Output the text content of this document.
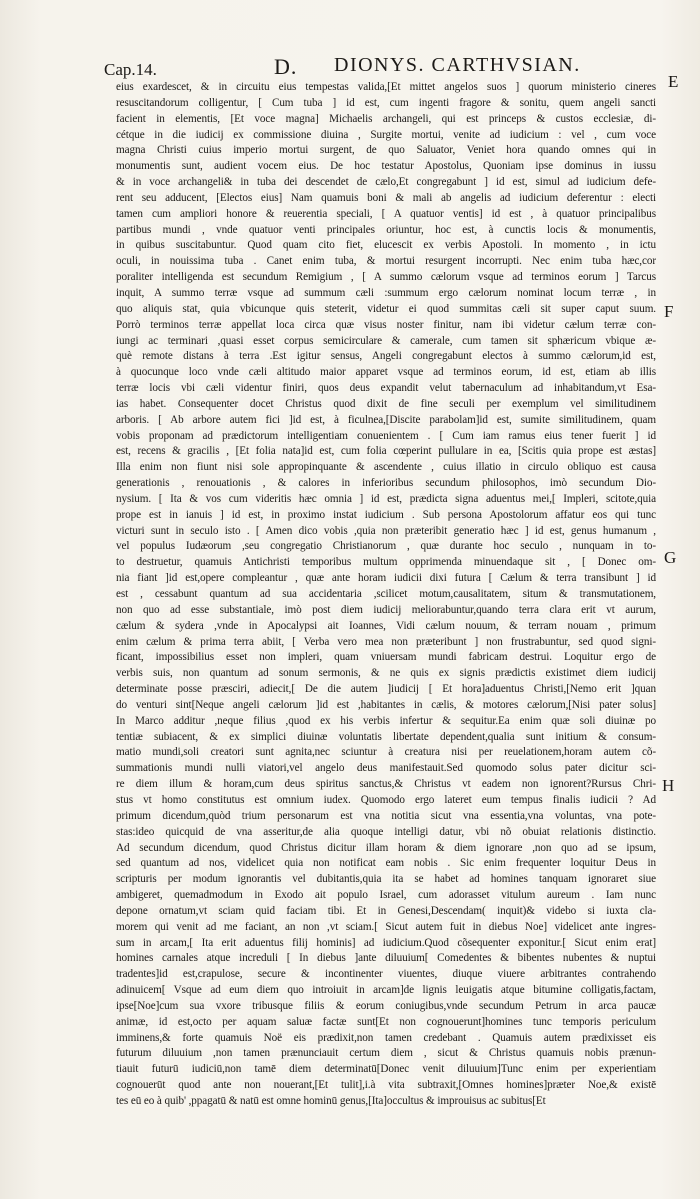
Cap.14.	D. DIONYS. CARTHVSIAN.
E
F
G
H
eius exardescet, & in circuitu eius tempestas valida,[Et mittet angelos suos ] quorum ministerio cineres
resuscitandorum colligentur, [ Cum tuba ] id est, cum ingenti fragore & sonitu, quem angeli sancti
facient in elementis, [Et voce magna] Michaelis archangeli, qui est princeps & custos ecclesiæ, di-
cétque in die iudicij ex commissione diuina , Surgite mortui, venite ad iudicium : vel , cum voce
magna Christi cuius imperio mortui surgent, de quo Saluator, Veniet hora quando omnes qui in
monumentis sunt, audient vocem eius. De hoc testatur Apostolus, Quoniam ipse dominus in iussu
& in voce archangeli& in tuba dei descendet de cælo,Et congregabunt ] id est, simul ad iudicium defe-
rent seu adducent, [Electos eius] Nam quamuis boni & mali ab angelis ad iudicium deferentur : electi
tamen cum ampliori honore & reuerentia speciali, [ A quatuor ventis] id est , à quatuor principalibus
partibus mundi , vnde quatuor venti principales oriuntur, hoc est, à cunctis locis & monumentis,
in quibus suscitabuntur. Quod quam cito fiet, elucescit ex verbis Apostoli. In momento , in ictu
oculi, in nouissima tuba . Canet enim tuba, & mortui resurgent incorrupti. Nec enim tuba hæc,cor
poraliter intelligenda est secundum Remigium , [ A summo cælorum vsque ad terminos eorum ] Tarcus
inquit, A summo terræ vsque ad summum cæli :summum ergo cælorum nominat locum terræ , in
quo aliquis stat, quia vbicunque quis steterit, videtur ei quod summitas cæli sit super caput suum.
Porrò terminos terræ appellat loca circa quæ visus noster finitur, nam ibi videtur cælum terræ con-
iungi ac terminari ,quasi esset corpus semicirculare & camerale, cum tamen sit sphæricum vbique æ-
què remote distans à terra .Est igitur sensus, Angeli congregabunt electos à summo cælorum,id est,
à quocunque loco vnde cæli altitudo maior apparet vsque ad terminos eorum, id est, etiam ab illis
terræ locis vbi cæli videntur finiri, quos deus expandit velut tabernaculum ad inhabitandum,vt Esa-
ias habet. Consequenter docet Christus quod dixit de fine seculi per exemplum vel similitudinem
arboris. [ Ab arbore autem fici ]id est, à ficulnea,[Discite parabolam]id est, sumite similitudinem, quam
vobis proponam ad prædictorum intelligentiam conuenientem . [ Cum iam ramus eius tener fuerit ] id
est, recens & gracilis , [Et folia nata]id est, cum folia cœperint pullulare in ea, [Scitis quia prope est æstas]
Illa enim non fiunt nisi sole appropinquante & ascendente , cuius illatio in circulo obliquo est causa
generationis , renouationis , & calores in inferioribus secundum philosophos, imò secundum Dio-
nysium. [ Ita & vos cum videritis hæc omnia ] id est, prædicta signa aduentus mei,[ Impleri, scitote,quia
prope est in ianuis ] id est, in proximo instat iudicium . Sub persona Apostolorum affatur eos qui tunc
victuri sunt in seculo isto . [ Amen dico vobis ,quia non præteribit generatio hæc ] id est, genus humanum ,
vel populus Iudæorum ,seu congregatio Christianorum , quæ durante hoc seculo , nunquam in to-
to destruetur, quamuis Antichristi temporibus multum opprimenda minuendaque sit , [ Donec om-
nia fiant ]id est,opere compleantur , quæ ante horam iudicii dixi futura [ Cælum & terra transibunt ] id
est , cessabunt quantum ad sua accidentaria ,scilicet motum,causalitatem, situm & transmutationem,
non quo ad esse substantiale, imò post diem iudicij meliorabuntur,quando terra clara erit vt aurum,
cælum & sydera ,vnde in Apocalypsi ait Ioannes, Vidi cælum nouum, & terram nouam , primum
enim cælum & prima terra abiit, [ Verba vero mea non præteribunt ] non frustrabuntur, sed quod signi-
ficant, impossibilius esset non impleri, quam vniuersam mundi fabricam destrui. Loquitur ergo de
verbis suis, non quantum ad sonum sermonis, & ne quis ex signis prædictis existimet diem iudicij
determinate posse præsciri, adiecit,[ De die autem ]iudicij [ Et hora]aduentus Christi,[Nemo erit ]quan
do venturi sint[Neque angeli cælorum ]id est ,habitantes in cælis, & motores cælorum,[Nisi pater solus]
In Marco additur ,neque filius ,quod ex his verbis infertur & sequitur.Ea enim quæ soli diuinæ po
tentiæ subiacent, & ex simplici diuinæ voluntatis libertate dependent,qualia sunt initium & consum-
matio mundi,soli creatori sunt agnita,nec sciuntur à creatura nisi per reuelationem,horam autem cõ-
summationis mundi nulli viatori,vel angelo deus manifestauit.Sed quomodo solus pater dicitur sci-
re diem illum & horam,cum deus spiritus sanctus,& Christus vt eadem non ignorent?Rursus Chri-
stus vt homo constitutus est omnium iudex. Quomodo ergo lateret eum tempus finalis iudicii ? Ad
primum dicendum,quòd trium personarum est vna notitia sicut vna essentia,vna voluntas, vna pote-
stas:ideo quicquid de vna asseritur,de alia quoque intelligi datur, vbi nõ obuiat relationis distinctio.
Ad secundum dicendum, quod Christus dicitur illam horam & diem ignorare ,non quo ad se ipsum,
sed quantum ad nos, videlicet quia non notificat eam nobis . Sic enim frequenter loquitur Deus in
scripturis per modum ignorantis vel dubitantis,quia ita se habet ad homines tanquam ignoraret siue
ambigeret, quemadmodum in Exodo ait populo Israel, cum adorasset vitulum aureum . Iam nunc
depone ornatum,vt sciam quid faciam tibi. Et in Genesi,Descendam( inquit)& videbo si iuxta cla-
morem qui venit ad me faciant, an non ,vt sciam.[ Sicut autem fuit in diebus Noe] videlicet ante ingres-
sum in arcam,[ Ita erit aduentus filij hominis] ad iudicium.Quod cõsequenter exponitur.[ Sicut enim erat]
homines carnales atque increduli [ In diebus ]ante diluuium[ Comedentes & bibentes nubentes & nuptui
tradentes]id est,crapulose, secure & incontinenter viuentes, diuque viuere arbitrantes contrahendo
adinuicem[ Vsque ad eum diem quo introiuit in arcam]de lignis leuigatis atque bitumine colligatis,factam,
ipse[Noe]cum sua vxore tribusque filiis & eorum coniugibus,vnde secundum Petrum in arca paucæ
animæ, id est,octo per aquam saluæ factæ sunt[Et non cognouerunt]homines tunc temporis periculum
imminens,& forte quamuis Noë eis prædixit,non tamen credebant . Quamuis autem prædixisset eis
futurum diluuium ,non tamen prænunciauit certum diem , sicut & Christus quamuis nobis prænun-
tiauit futurū iudiciū,non tamē diem determinatū[Donec venit diluuium]Tunc enim per experientiam
cognouerūt quod ante non nouerant,[Et tulit],i.à vita subtraxit,[Omnes homines]præter Noe,& existē
tes eū eo à quib' ,ppagatū & natū est omne hominū genus,[Ita]occultus & improuisus ac subitus[Et
